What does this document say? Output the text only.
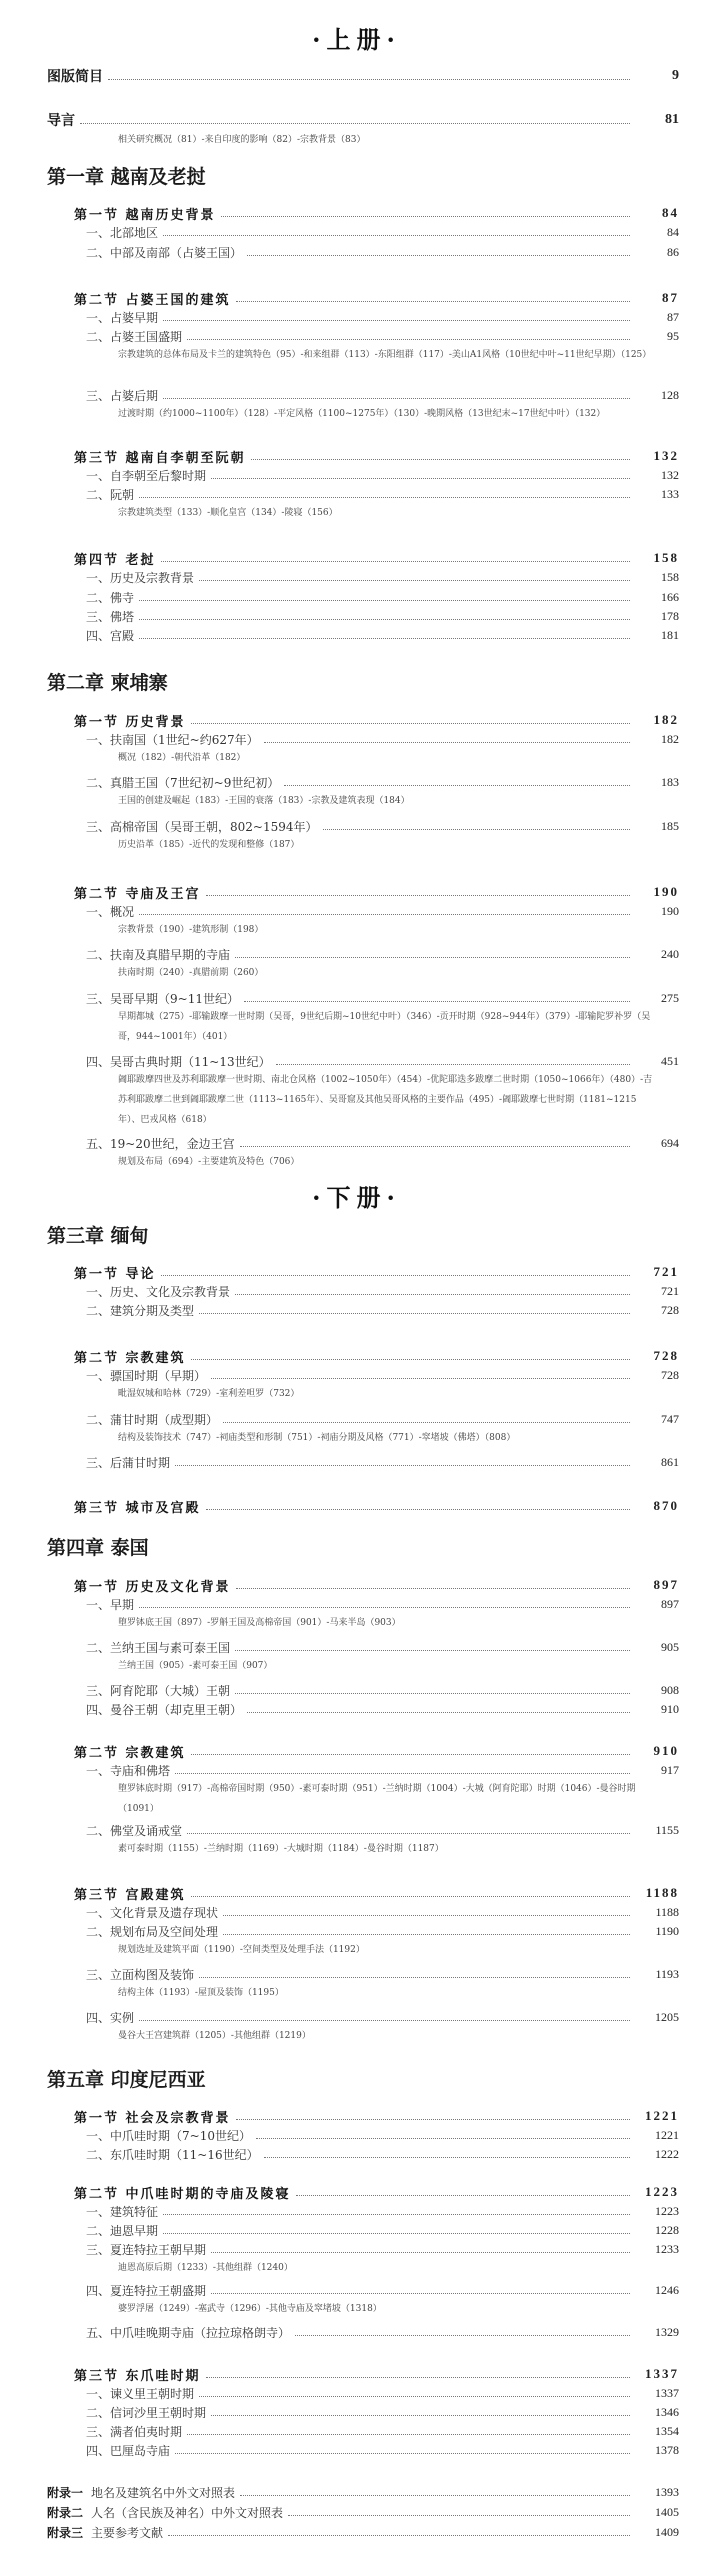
·上册·
图版简目	9
导言	81
相关研究概况（81）-来自印度的影响（82）-宗教背景（83）
第一章 越南及老挝
第一节 越南历史背景	84
一、北部地区	84
二、中部及南部（占婆王国）	86
第二节 占婆王国的建筑	87
一、占婆早期	87
二、占婆王国盛期	95
宗教建筑的总体布局及卡兰的建筑特色（95）-和来组群（113）-东阳组群（117）-美山A1风格（10世纪中叶~11世纪早期）（125）
三、占婆后期	128
过渡时期（约1000~1100年）（128）-平定风格（1100~1275年）（130）-晚期风格（13世纪末~17世纪中叶）（132）
第三节 越南自李朝至阮朝	132
一、自李朝至后黎时期	132
二、阮朝	133
宗教建筑类型（133）-顺化皇宫（134）-陵寝（156）
第四节 老挝	158
一、历史及宗教背景	158
二、佛寺	166
三、佛塔	178
四、宫殿	181
第二章 柬埔寨
第一节 历史背景	182
一、扶南国（1世纪~约627年）	182
概况（182）-朝代沿革（182）
二、真腊王国（7世纪初~9世纪初）	183
王国的创建及崛起（183）-王国的衰落（183）-宗教及建筑表现（184）
三、高棉帝国（吴哥王朝，802~1594年）	185
历史沿革（185）-近代的发现和整修（187）
第二节 寺庙及王宫	190
一、概况	190
宗教背景（190）-建筑形制（198）
二、扶南及真腊早期的寺庙	240
扶南时期（240）-真腊前期（260）
三、吴哥早期（9~11世纪）	275
早期都城（275）-耶输跋摩一世时期（吴哥，9世纪后期~10世纪中叶）（346）-贡开时期（928~944年）（379）-耶输陀罗补罗（吴哥，944~1001年）（401）
四、吴哥古典时期（11~13世纪）	451
阇耶跋摩四世及苏利耶跋摩一世时期、南北仓风格（1002~1050年）（454）-优陀耶迭多跋摩二世时期（1050~1066年）（480）-吉苏利耶跋摩二世到阇耶跋摩二世（1113~1165年）、吴哥窟及其他吴哥风格的主要作品（495）-阇耶跋摩七世时期（1181~1215年）、巴戎风格（618）
五、19~20世纪，金边王宫	694
规划及布局（694）-主要建筑及特色（706）
·下册·
第三章 缅甸
第一节 导论	721
一、历史、文化及宗教背景	721
二、建筑分期及类型	728
第二节 宗教建筑	728
一、骠国时期（早期）	728
毗湿奴城和哈林（729）-室利差呾罗（732）
二、蒲甘时期（成型期）	747
结构及装饰技术（747）-祠庙类型和形制（751）-祠庙分期及风格（771）-窣堵坡（佛塔）（808）
三、后蒲甘时期	861
第三节 城市及宫殿	870
第四章 泰国
第一节 历史及文化背景	897
一、早期	897
堕罗钵底王国（897）-罗斛王国及高棉帝国（901）-马来半岛（903）
二、兰纳王国与素可泰王国	905
兰纳王国（905）-素可泰王国（907）
三、阿育陀耶（大城）王朝	908
四、曼谷王朝（却克里王朝）	910
第二节 宗教建筑	910
一、寺庙和佛塔	917
堕罗钵底时期（917）-高棉帝国时期（950）-素可泰时期（951）-兰纳时期（1004）-大城（阿育陀耶）时期（1046）-曼谷时期（1091）
二、佛堂及诵戒堂	1155
素可泰时期（1155）-兰纳时期（1169）-大城时期（1184）-曼谷时期（1187）
第三节 宫殿建筑	1188
一、文化背景及遗存现状	1188
二、规划布局及空间处理	1190
规划选址及建筑平面（1190）-空间类型及处理手法（1192）
三、立面构图及装饰	1193
结构主体（1193）-屋顶及装饰（1195）
四、实例	1205
曼谷大王宫建筑群（1205）-其他组群（1219）
第五章 印度尼西亚
第一节 社会及宗教背景	1221
一、中爪哇时期（7~10世纪）	1221
二、东爪哇时期（11~16世纪）	1222
第二节 中爪哇时期的寺庙及陵寝	1223
一、建筑特征	1223
二、迪恩早期	1228
三、夏连特拉王朝早期	1233
迪恩高原后期（1233）-其他组群（1240）
四、夏连特拉王朝盛期	1246
婆罗浮屠（1249）-塞武寺（1296）-其他寺庙及窣堵坡（1318）
五、中爪哇晚期寺庙（拉拉琼格朗寺）	1329
第三节 东爪哇时期	1337
一、谏义里王朝时期	1337
二、信诃沙里王朝时期	1346
三、满者伯夷时期	1354
四、巴厘岛寺庙	1378
附录一 地名及建筑名中外文对照表	1393
附录二 人名（含民族及神名）中外文对照表	1405
附录三 主要参考文献	1409
